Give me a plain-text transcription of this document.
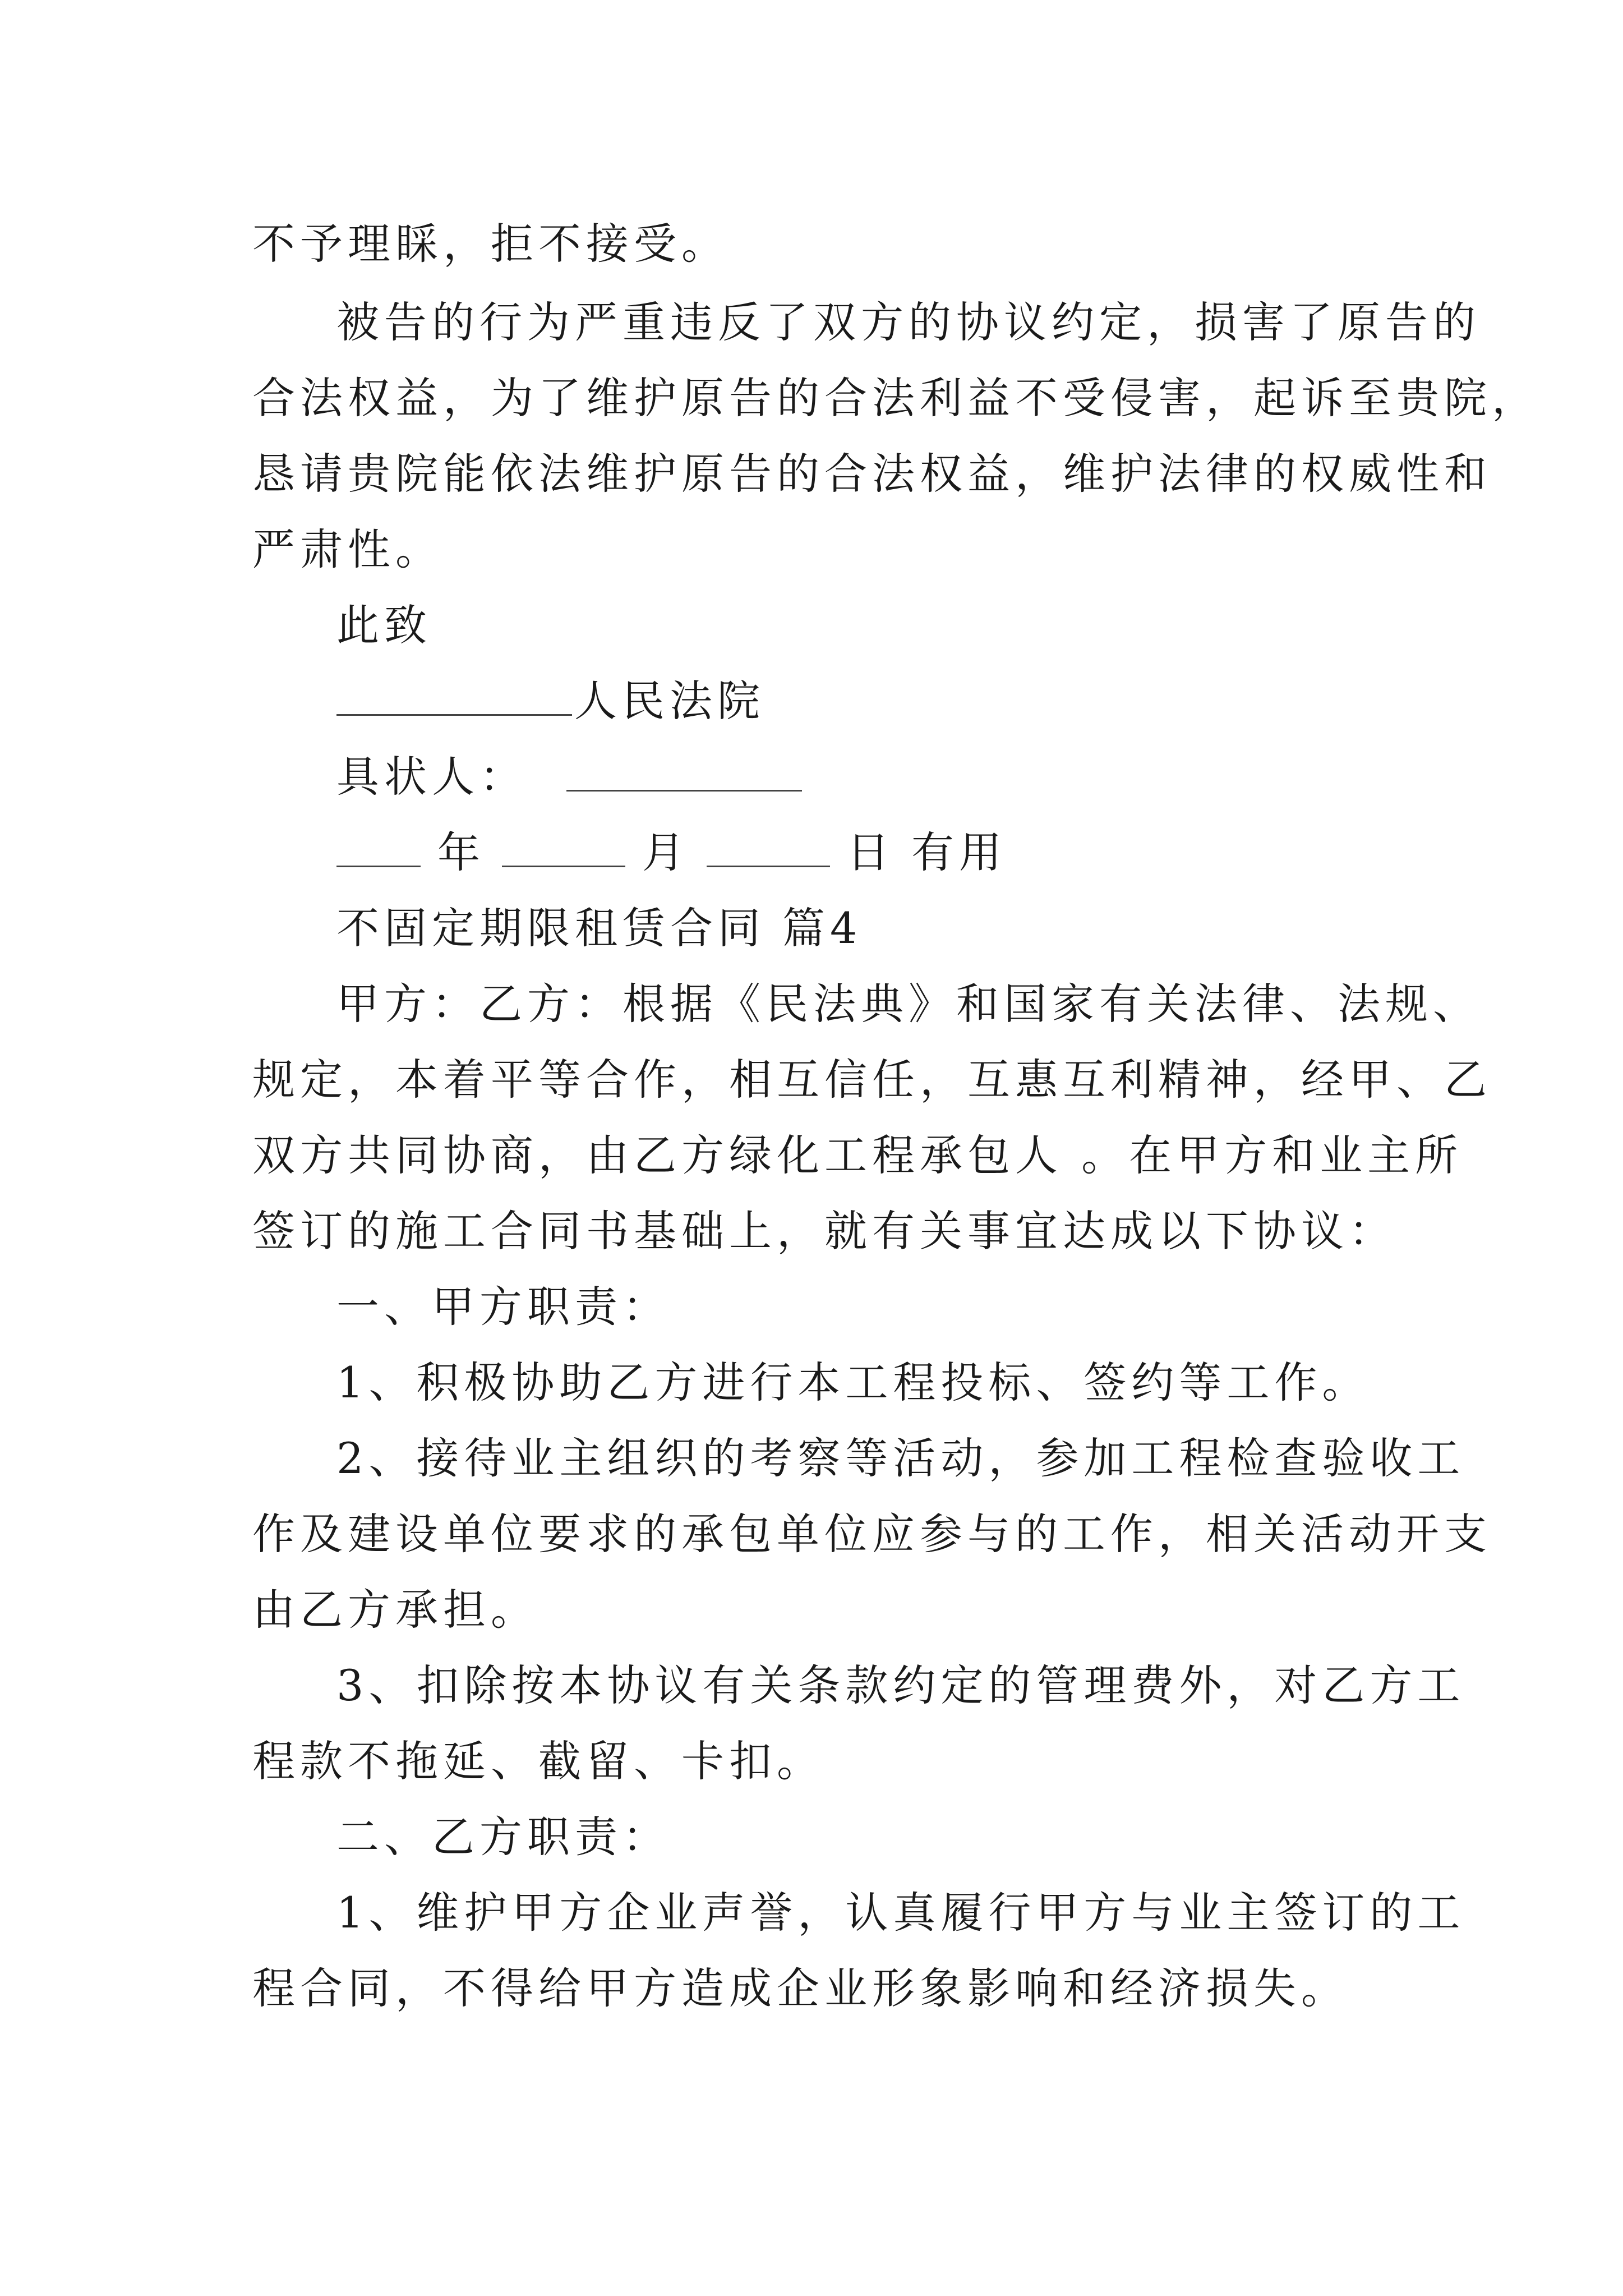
不予理睬，拒不接受。
被告的行为严重违反了双方的协议约定，损害了原告的
合法权益，为了维护原告的合法利益不受侵害，起诉至贵院，
恳请贵院能依法维护原告的合法权益，维护法律的权威性和
严肃性。
此致
人民法院
具状人：
年	月	日 有用
不固定期限租赁合同 篇4
甲方：乙方：根据《民法典》和国家有关法律、法规、
规定，本着平等合作，相互信任，互惠互利精神，经甲、乙
双方共同协商，由乙方绿化工程承包人 。在甲方和业主所
签订的施工合同书基础上，就有关事宜达成以下协议：
一、甲方职责：
1、积极协助乙方进行本工程投标、签约等工作。
2、接待业主组织的考察等活动，参加工程检查验收工
作及建设单位要求的承包单位应参与的工作，相关活动开支
由乙方承担。
3、扣除按本协议有关条款约定的管理费外，对乙方工
程款不拖延、截留、卡扣。
二、乙方职责：
1、维护甲方企业声誉，认真履行甲方与业主签订的工
程合同，不得给甲方造成企业形象影响和经济损失。
